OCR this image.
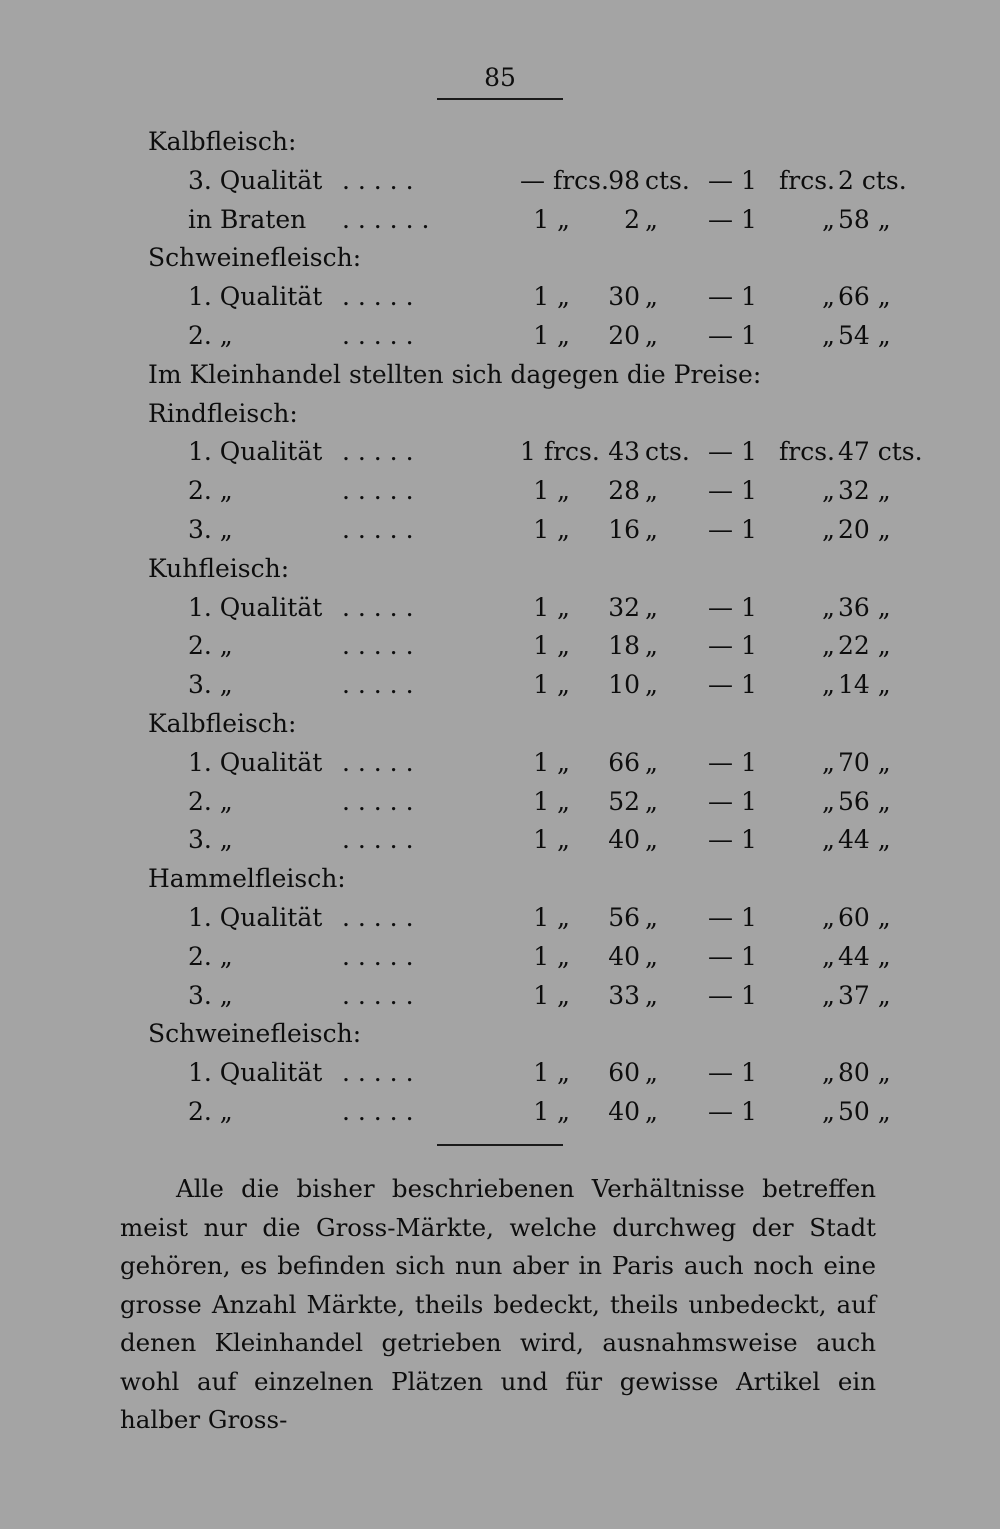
85
Kalbfleisch:
3. Qualität . . . . .	— frcs. 98 cts. — 1 frcs. 2 cts.
in Braten . . . . . .	1 „	2 „	— 1	„ 58 „
Schweinefleisch:
1. Qualität . . . . .	1 „	30 „	— 1	„ 66 „
2. „	. . . . .	1 „	20 „	— 1	„ 54 „
Im Kleinhandel stellten sich dagegen die Preise:
Rindfleisch:
1. Qualität . . . . .	1 frcs. 43 cts. — 1 frcs. 47 cts.
2. „	. . . . .	1 „	28 „	— 1	„ 32 „
3. „	. . . . .	1 „	16 „	— 1	„ 20 „
Kuhfleisch:
1. Qualität . . . . .	1 „	32 „	— 1	„ 36 „
2. „	. . . . .	1 „	18 „	— 1	„ 22 „
3. „	. . . . .	1 „	10 „	— 1	„ 14 „
Kalbfleisch:
1. Qualität . . . . .	1 „	66 „	— 1	„ 70 „
2. „	. . . . .	1 „	52 „	— 1	„ 56 „
3. „	. . . . .	1 „	40 „	— 1	„ 44 „
Hammelfleisch:
1. Qualität . . . . .	1 „	56 „	— 1	„ 60 „
2. „	. . . . .	1 „	40 „	— 1	„ 44 „
3. „	. . . . .	1 „	33 „	— 1	„ 37 „
Schweinefleisch:
1. Qualität . . . . .	1 „	60 „	— 1	„ 80 „
2. „	. . . . .	1 „	40 „	— 1	„ 50 „
Alle die bisher beschriebenen Verhältnisse betreffen meist nur die Gross-Märkte, welche durchweg der Stadt gehören, es befinden sich nun aber in Paris auch noch eine grosse Anzahl Märkte, theils bedeckt, theils unbedeckt, auf denen Kleinhandel getrieben wird, ausnahmsweise auch wohl auf einzelnen Plätzen und für gewisse Artikel ein halber Gross-
